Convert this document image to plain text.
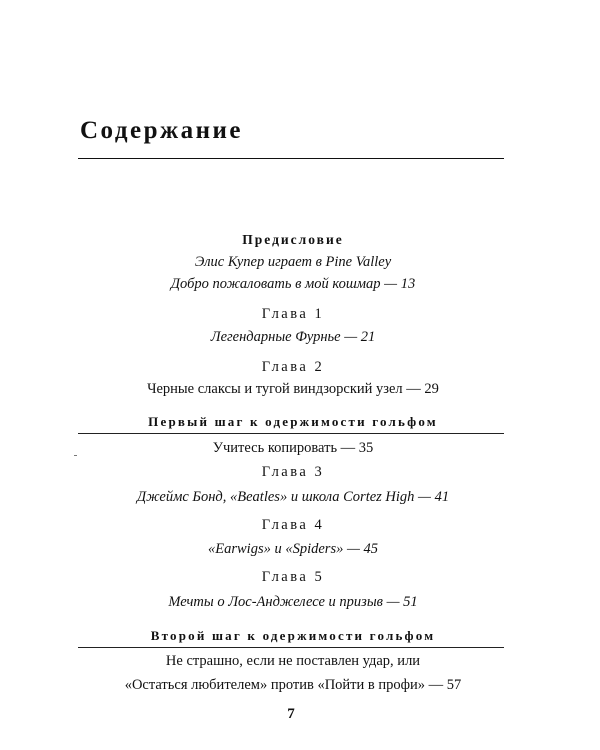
Содержание
Предисловие
Элис Купер играет в Pine Valley
Добро пожаловать в мой кошмар — 13
Глава 1
Легендарные Фурнье — 21
Глава 2
Черные слаксы и тугой виндзорский узел — 29
Первый шаг к одержимости гольфом
Учитесь копировать — 35
Глава 3
Джеймс Бонд, «Beatles» и школа Cortez High — 41
Глава 4
«Earwigs» и «Spiders» — 45
Глава 5
Мечты о Лос-Анджелесе и призыв — 51
Второй шаг к одержимости гольфом
Не страшно, если не поставлен удар, или
«Остаться любителем» против «Пойти в профи» — 57
7
